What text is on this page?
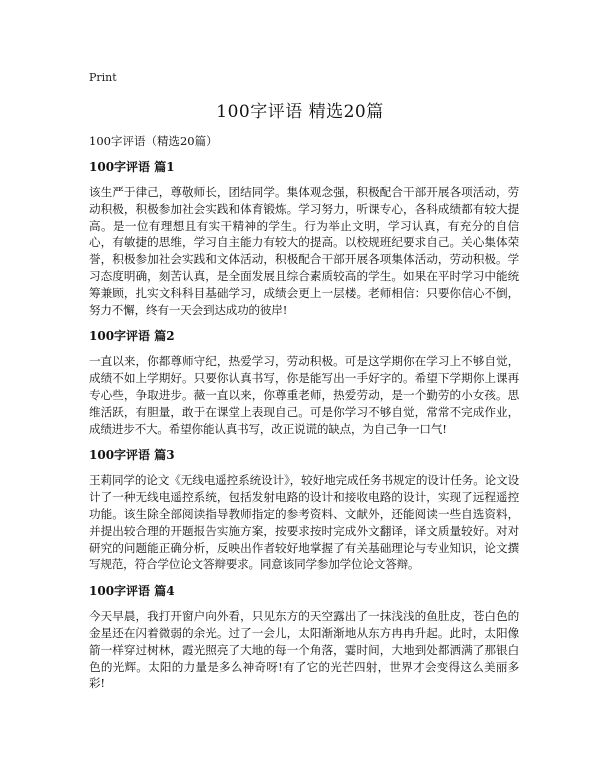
Print
100字评语 精选20篇
100字评语（精选20篇）
100字评语 篇1

该生严于律己，尊敬师长，团结同学。集体观念强，积极配合干部开展各项活动，劳动积极，积极参加社会实践和体育锻炼。学习努力，听课专心，各科成绩都有较大提高。是一位有理想且有实干精神的学生。行为举止文明，学习认真，有充分的自信心，有敏捷的思维，学习自主能力有较大的提高。以校规班纪要求自己。关心集体荣誉，积极参加社会实践和文体活动，积极配合干部开展各项集体活动，劳动积极。学习态度明确，刻苦认真，是全面发展且综合素质较高的学生。如果在平时学习中能统筹兼顾，扎实文科科目基础学习，成绩会更上一层楼。老师相信：只要你信心不倒，努力不懈，终有一天会到达成功的彼岸!

100字评语 篇2

一直以来，你都尊师守纪，热爱学习，劳动积极。可是这学期你在学习上不够自觉，成绩不如上学期好。只要你认真书写，你是能写出一手好字的。希望下学期你上课再专心些，争取进步。薇一直以来，你尊重老师，热爱劳动，是一个勤劳的小女孩。思维活跃，有胆量，敢于在课堂上表现自己。可是你学习不够自觉，常常不完成作业，成绩进步不大。希望你能认真书写，改正说谎的缺点，为自己争一口气!

100字评语 篇3

王莉同学的论文《无线电遥控系统设计》，较好地完成任务书规定的设计任务。论文设计了一种无线电遥控系统，包括发射电路的设计和接收电路的设计，实现了远程遥控功能。该生除全部阅读指导教师指定的参考资料、文献外，还能阅读一些自选资料，并提出较合理的开题报告实施方案，按要求按时完成外文翻译，译文质量较好。对对研究的问题能正确分析，反映出作者较好地掌握了有关基础理论与专业知识，论文撰写规范，符合学位论文答辩要求。同意该同学参加学位论文答辩。

100字评语 篇4

今天早晨，我打开窗户向外看，只见东方的天空露出了一抹浅浅的鱼肚皮，苍白色的金星还在闪着微弱的余光。过了一会儿，太阳渐渐地从东方冉冉升起。此时，太阳像箭一样穿过树林，霞光照亮了大地的每一个角落，霎时间，大地到处都洒满了那银白色的光辉。太阳的力量是多么神奇呀!有了它的光芒四射，世界才会变得这么美丽多彩!
